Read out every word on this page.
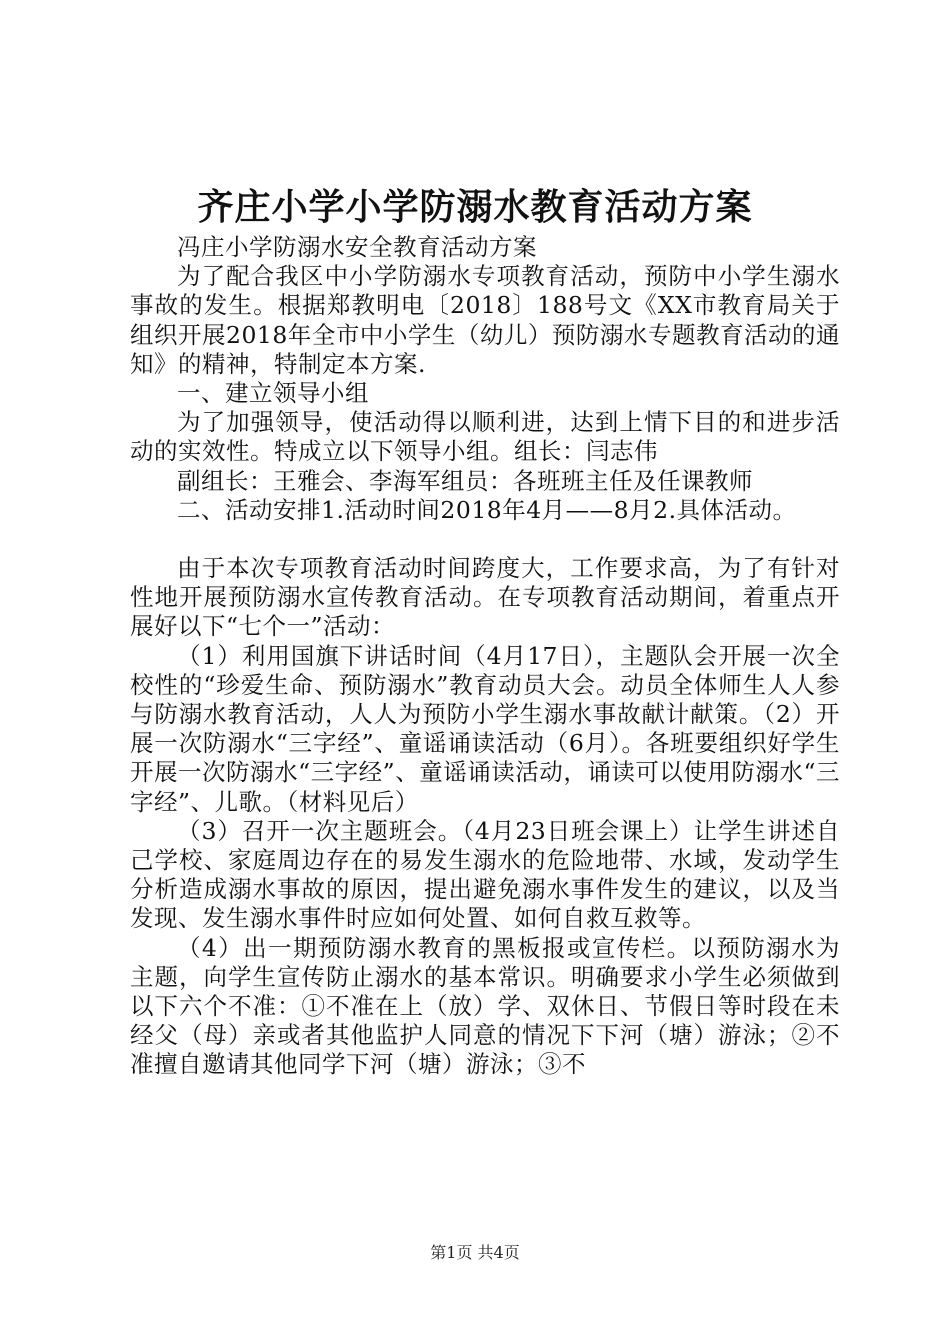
齐庄小学小学防溺水教育活动方案

冯庄小学防溺水安全教育活动方案

为了配合我区中小学防溺水专项教育活动，预防中小学生溺水事故的发生。根据郑教明电〔2018〕188号文《XX市教育局关于组织开展2018年全市中小学生（幼儿）预防溺水专题教育活动的通知》的精神，特制定本方案.

一、建立领导小组

为了加强领导，使活动得以顺利进，达到上情下目的和进步活动的实效性。特成立以下领导小组。组长：闫志伟

副组长：王雅会、李海军组员：各班班主任及任课教师

二、活动安排1.活动时间2018年4月——8月2.具体活动。

由于本次专项教育活动时间跨度大，工作要求高，为了有针对性地开展预防溺水宣传教育活动。在专项教育活动期间，着重点开展好以下“七个一”活动：

（1）利用国旗下讲话时间（4月17日），主题队会开展一次全校性的“珍爱生命、预防溺水”教育动员大会。动员全体师生人人参与防溺水教育活动，人人为预防小学生溺水事故献计献策。（2）开展一次防溺水“三字经”、童谣诵读活动（6月）。各班要组织好学生开展一次防溺水“三字经”、童谣诵读活动，诵读可以使用防溺水“三字经”、儿歌。（材料见后）

（3）召开一次主题班会。（4月23日班会课上）让学生讲述自己学校、家庭周边存在的易发生溺水的危险地带、水域，发动学生分析造成溺水事故的原因，提出避免溺水事件发生的建议，以及当发现、发生溺水事件时应如何处置、如何自救互救等。

（4）出一期预防溺水教育的黑板报或宣传栏。以预防溺水为主题，向学生宣传防止溺水的基本常识。明确要求小学生必须做到以下六个不准：①不准在上（放）学、双休日、节假日等时段在未经父（母）亲或者其他监护人同意的情况下下河（塘）游泳；②不准擅自邀请其他同学下河（塘）游泳；③不

第1页 共4页
